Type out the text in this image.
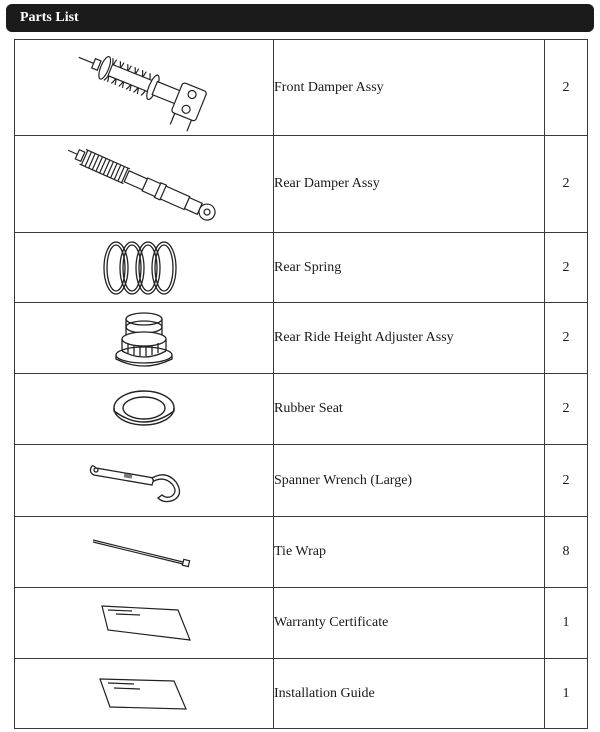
Parts List
	Front Damper Assy	2

	Rear Damper Assy	2

	Rear Spring	2

	Rear Ride Height Adjuster Assy	2

	Rubber Seat	2

	Spanner Wrench (Large)	2

	Tie Wrap	8

	Warranty Certificate	1

	Installation Guide	1
